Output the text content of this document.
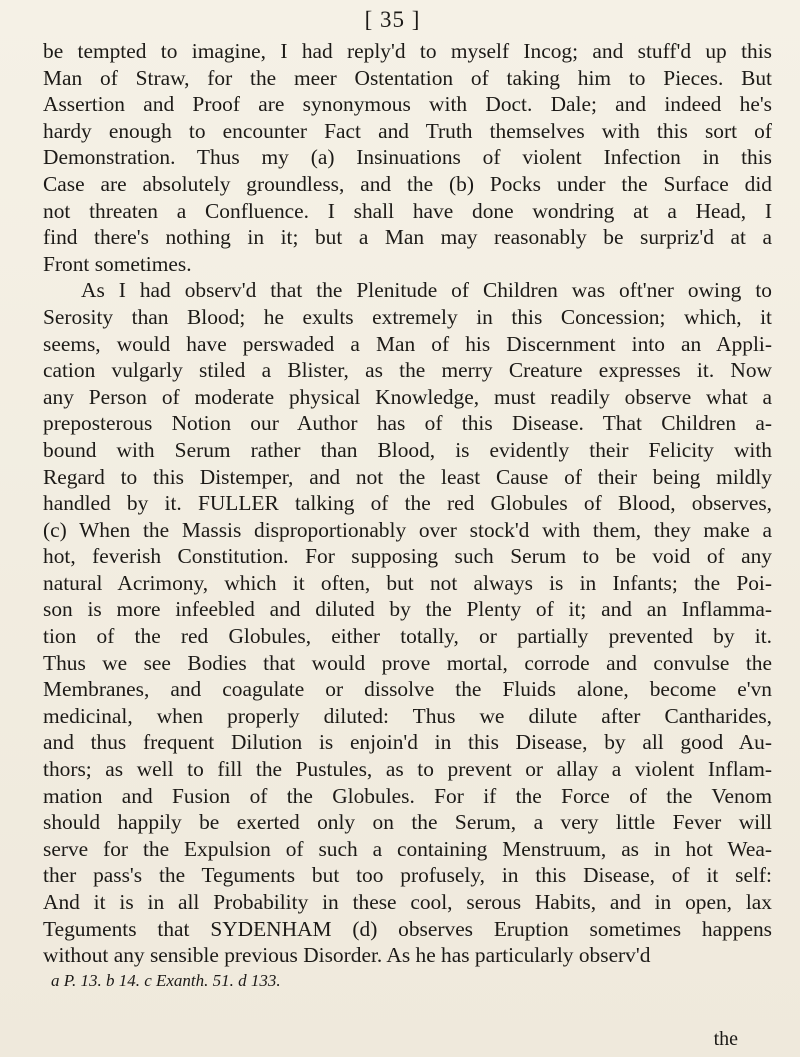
[ 35 ]
be tempted to imagine, I had reply'd to myself Incog; and stuff'd up this
Man of Straw, for the meer Ostentation of taking him to Pieces. But
Assertion and Proof are synonymous with Doct. Dale; and indeed he's
hardy enough to encounter Fact and Truth themselves with this sort of
Demonstration. Thus my (a) Insinuations of violent Infection in this
Case are absolutely groundless, and the (b) Pocks under the Surface did
not threaten a Confluence. I shall have done wondring at a Head, I
find there's nothing in it; but a Man may reasonably be surpriz'd at a
Front sometimes.
As I had observ'd that the Plenitude of Children was oft'ner owing to
Serosity than Blood; he exults extremely in this Concession; which, it
seems, would have perswaded a Man of his Discernment into an Appli-
cation vulgarly stiled a Blister, as the merry Creature expresses it. Now
any Person of moderate physical Knowledge, must readily observe what a
preposterous Notion our Author has of this Disease. That Children a-
bound with Serum rather than Blood, is evidently their Felicity with
Regard to this Distemper, and not the least Cause of their being mildly
handled by it. FULLER talking of the red Globules of Blood, observes,
(c) When the Massis disproportionably over stock'd with them, they make a
hot, feverish Constitution. For supposing such Serum to be void of any
natural Acrimony, which it often, but not always is in Infants; the Poi-
son is more infeebled and diluted by the Plenty of it; and an Inflamma-
tion of the red Globules, either totally, or partially prevented by it.
Thus we see Bodies that would prove mortal, corrode and convulse the
Membranes, and coagulate or dissolve the Fluids alone, become e'vn
medicinal, when properly diluted: Thus we dilute after Cantharides,
and thus frequent Dilution is enjoin'd in this Disease, by all good Au-
thors; as well to fill the Pustules, as to prevent or allay a violent Inflam-
mation and Fusion of the Globules. For if the Force of the Venom
should happily be exerted only on the Serum, a very little Fever will
serve for the Expulsion of such a containing Menstruum, as in hot Wea-
ther pass's the Teguments but too profusely, in this Disease, of it self:
And it is in all Probability in these cool, serous Habits, and in open, lax
Teguments that SYDENHAM (d) observes Eruption sometimes happens
without any sensible previous Disorder. As he has particularly observ'd
the
a P. 13. b 14. c Exanth. 51. d 133.
